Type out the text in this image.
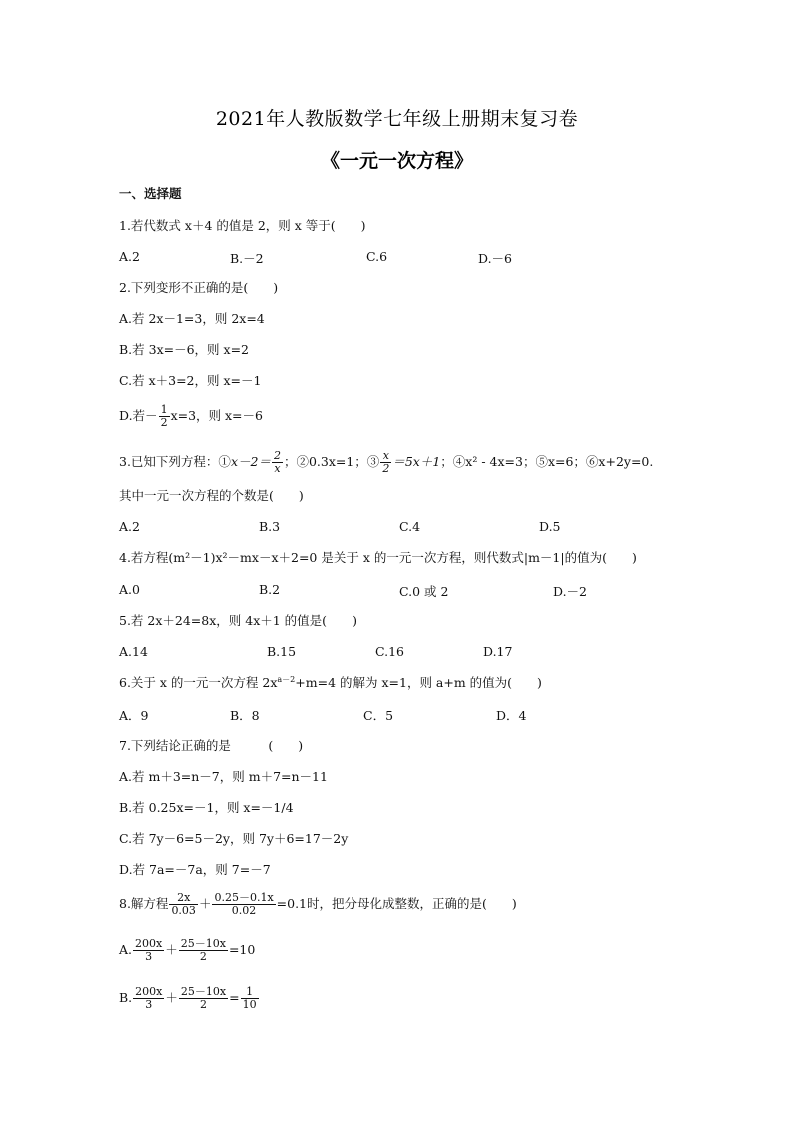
2021年人教版数学七年级上册期末复习卷
《一元一次方程》
一、选择题
1.若代数式 x＋4 的值是 2，则 x 等于(　　)
A.2	B.－2	C.6	D.－6
2.下列变形不正确的是(　　)
A.若 2x－1=3，则 2x=4
B.若 3x=－6，则 x=2
C.若 x＋3=2，则 x=－1
D.若－ $\frac{1}{2} x=3$，则 x=－6
3.已知下列方程：①x－2＝ $\frac{2}{x}$ ；②0.3x=1；③ $\frac{x}{2} =5x+1$；④x² - 4x=3；⑤x=6；⑥x+2y=0.
其中一元一次方程的个数是(　　)
A.2	B.3	C.4	D.5
4.若方程(m²－1)x²－mx－x＋2=0 是关于 x 的一元一次方程，则代数式|m－1|的值为(　　)
A.0	B.2	C.0 或 2	D.－2
5.若 2x＋24=8x，则 4x＋1 的值是(　　)
A.14	B.15	C.16	D.17
6.关于 x 的一元一次方程 $2x^{a-2}+m=4$ 的解为 x=1，则 a+m 的值为(　　)
A．9	B．8	C．5	D．4
7.下列结论正确的是　　　(　　)
A.若 m＋3=n－7，则 m＋7=n－11
B.若 0.25x=－1，则 x=－1/4
C.若 7y－6=5－2y，则 7y＋6=17－2y
D.若 7a=－7a，则 7=－7
8.解方程 $\frac{2x}{0.03} + \frac{0.25-0.1x}{0.02} =0.1$时，把分母化成整数，正确的是(　　)
A. $\frac{200x}{3} + \frac{25-10x}{2} =10$
B. $\frac{200x}{3} + \frac{25-10x}{2} = \frac{1}{10}$
